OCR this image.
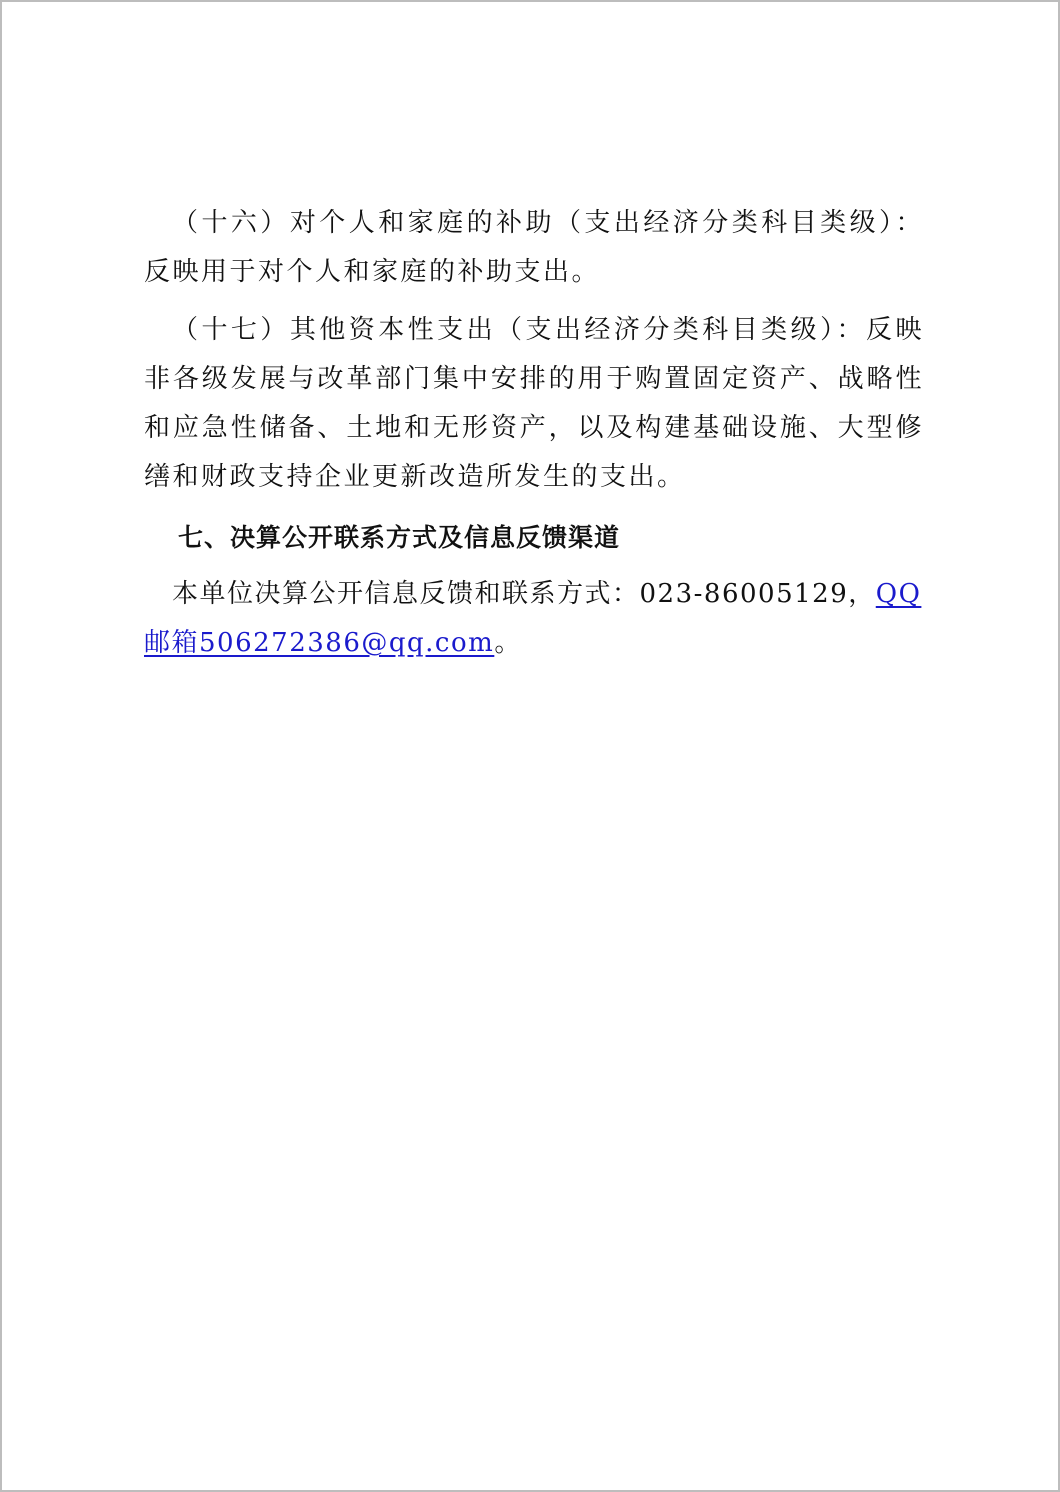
（十六）对个人和家庭的补助（支出经济分类科目类级）：反映用于对个人和家庭的补助支出。

（十七）其他资本性支出（支出经济分类科目类级）：反映非各级发展与改革部门集中安排的用于购置固定资产、战略性和应急性储备、土地和无形资产，以及构建基础设施、大型修缮和财政支持企业更新改造所发生的支出。

七、决算公开联系方式及信息反馈渠道

本单位决算公开信息反馈和联系方式：023-86005129，QQ邮箱506272386@qq.com。
